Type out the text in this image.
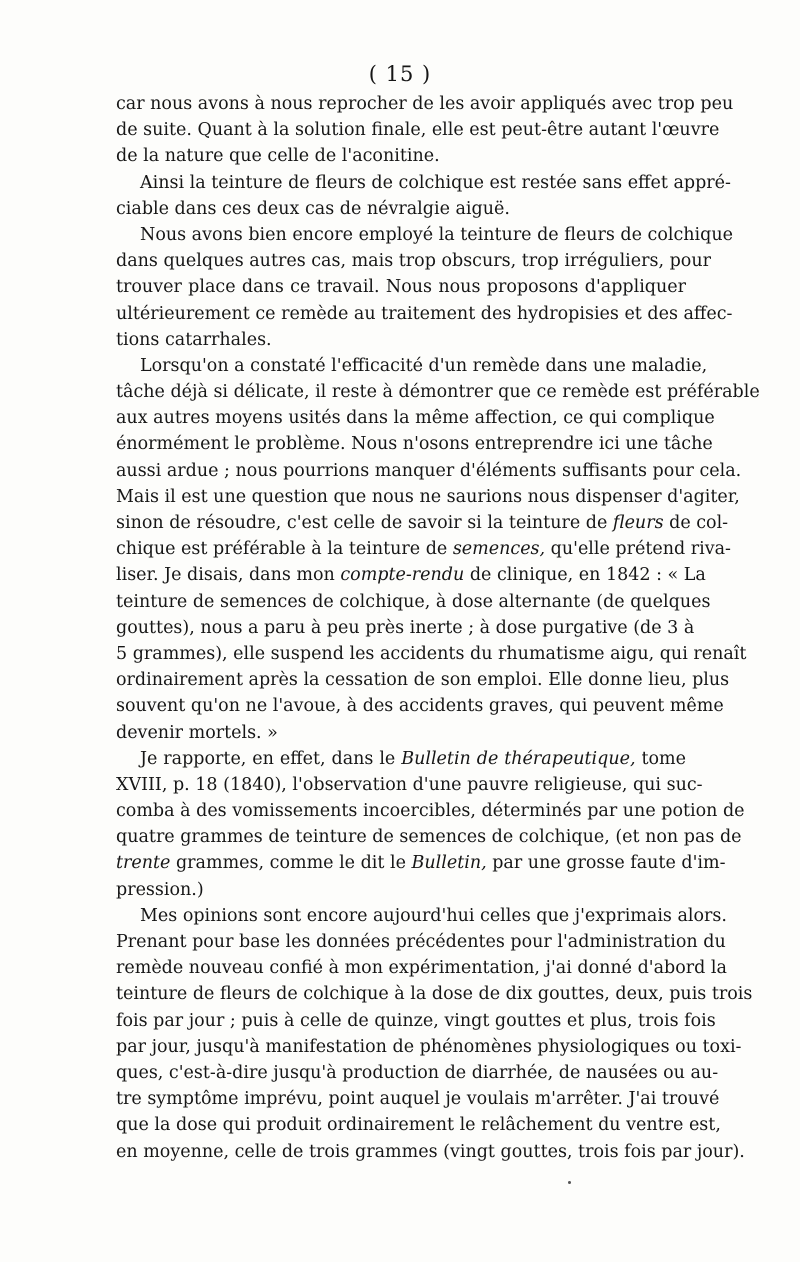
( 15 )
car nous avons à nous reprocher de les avoir appliqués avec trop peu
de suite. Quant à la solution finale, elle est peut-être autant l'œuvre
de la nature que celle de l'aconitine.
Ainsi la teinture de fleurs de colchique est restée sans effet appré-
ciable dans ces deux cas de névralgie aiguë.
Nous avons bien encore employé la teinture de fleurs de colchique
dans quelques autres cas, mais trop obscurs, trop irréguliers, pour
trouver place dans ce travail. Nous nous proposons d'appliquer
ultérieurement ce remède au traitement des hydropisies et des affec-
tions catarrhales.
Lorsqu'on a constaté l'efficacité d'un remède dans une maladie,
tâche déjà si délicate, il reste à démontrer que ce remède est préférable
aux autres moyens usités dans la même affection, ce qui complique
énormément le problème. Nous n'osons entreprendre ici une tâche
aussi ardue ; nous pourrions manquer d'éléments suffisants pour cela.
Mais il est une question que nous ne saurions nous dispenser d'agiter,
sinon de résoudre, c'est celle de savoir si la teinture de fleurs de col-
chique est préférable à la teinture de semences, qu'elle prétend riva-
liser. Je disais, dans mon compte-rendu de clinique, en 1842 : « La
teinture de semences de colchique, à dose alternante (de quelques
gouttes), nous a paru à peu près inerte ; à dose purgative (de 3 à
5 grammes), elle suspend les accidents du rhumatisme aigu, qui renaît
ordinairement après la cessation de son emploi. Elle donne lieu, plus
souvent qu'on ne l'avoue, à des accidents graves, qui peuvent même
devenir mortels. »
Je rapporte, en effet, dans le Bulletin de thérapeutique, tome
XVIII, p. 18 (1840), l'observation d'une pauvre religieuse, qui suc-
comba à des vomissements incoercibles, déterminés par une potion de
quatre grammes de teinture de semences de colchique, (et non pas de
trente grammes, comme le dit le Bulletin, par une grosse faute d'im-
pression.)
Mes opinions sont encore aujourd'hui celles que j'exprimais alors.
Prenant pour base les données précédentes pour l'administration du
remède nouveau confié à mon expérimentation, j'ai donné d'abord la
teinture de fleurs de colchique à la dose de dix gouttes, deux, puis trois
fois par jour ; puis à celle de quinze, vingt gouttes et plus, trois fois
par jour, jusqu'à manifestation de phénomènes physiologiques ou toxi-
ques, c'est-à-dire jusqu'à production de diarrhée, de nausées ou au-
tre symptôme imprévu, point auquel je voulais m'arrêter. J'ai trouvé
que la dose qui produit ordinairement le relâchement du ventre est,
en moyenne, celle de trois grammes (vingt gouttes, trois fois par jour).
